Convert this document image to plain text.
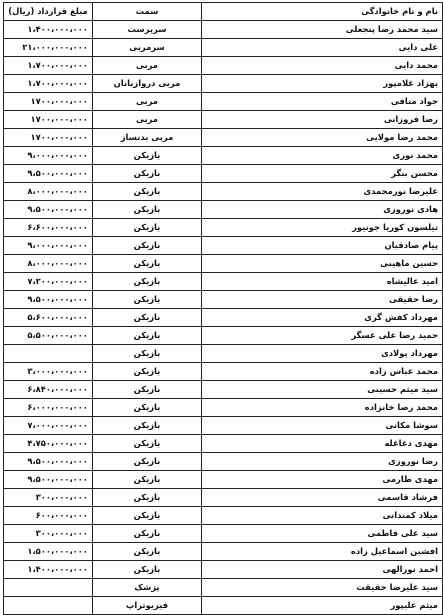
نام و نام خانوادگی	سمت	مبلغ قرارداد (ریال)
سید محمد رضا پنجعلی	سرپرست	۱،۴۰۰،۰۰۰،۰۰۰
علی دایی	سرمربی	۲۱،۰۰۰،۰۰۰،۰۰۰
محمد دایی	مربی	۱،۷۰۰،۰۰۰،۰۰۰
بهزاد غلامپور	مربی دروازبانان	۱،۷۰۰،۰۰۰،۰۰۰
جواد منافی	مربی	۱۷۰۰،۰۰۰،۰۰۰
رضا فروزانی	مربی	۱۷۰۰،۰۰۰،۰۰۰
محمد رضا مولایی	مربی بدنساز	۱۷۰۰،۰۰۰،۰۰۰
محمد نوری	بازیکن	۹،۰۰۰،۰۰۰،۰۰۰
محسن بنگر	بازیکن	۹،۵۰۰،۰۰۰،۰۰۰
علیرضا نورمحمدی	بازیکن	۸،۰۰۰،۰۰۰،۰۰۰
هادی نوروزی	بازیکن	۹،۵۰۰،۰۰۰،۰۰۰
تیلسون کوریا جونیور	بازیکن	۶،۶۰۰،۰۰۰،۰۰۰
پیام صادقیان	بازیکن	۹،۰۰۰،۰۰۰،۰۰۰
حسین ماهینی	بازیکن	۸،۰۰۰،۰۰۰،۰۰۰
امید عالیشاه	بازیکن	۷،۲۰۰،۰۰۰،۰۰۰
رضا حقیقی	بازیکن	۹،۵۰۰،۰۰۰،۰۰۰
مهرداد کفش گری	بازیکن	۵،۶۰۰،۰۰۰،۰۰۰
حمید رضا علی عسگر	بازیکن	۵،۵۰۰،۰۰۰،۰۰۰
مهرداد پولادی	بازیکن	
محمد عباس زاده	بازیکن	۳،۰۰۰،۰۰۰،۰۰۰
سید میثم حسینی	بازیکن	۶،۸۴۰،۰۰۰،۰۰۰
محمد رضا خانزاده	بازیکن	۶،۰۰۰،۰۰۰،۰۰۰
سوشا مکانی	بازیکن	۷،۰۰۰،۰۰۰،۰۰۰
مهدی دغاغله	بازیکن	۴،۷۵۰،۰۰۰،۰۰۰
رضا نوروزی	بازیکن	۹،۵۰۰،۰۰۰،۰۰۰
مهدی طارمی	بازیکن	۹،۵۰۰،۰۰۰،۰۰۰
فرشاد قاسمی	بازیکن	۳۰۰،۰۰۰،۰۰۰
میلاد کمندانی	بازیکن	۶۰۰،۰۰۰،۰۰۰
سید علی فاطمی	بازیکن	۳۰۰،۰۰۰،۰۰۰
افشین اسماعیل زاده	بازیکن	۱،۵۰۰،۰۰۰،۰۰۰
احمد نورالهی	بازیکن	۱،۴۰۰،۰۰۰،۰۰۰
سید علیرضا حقیقت	پزشک	
میثم علیپور	فیزیوتراپ	
